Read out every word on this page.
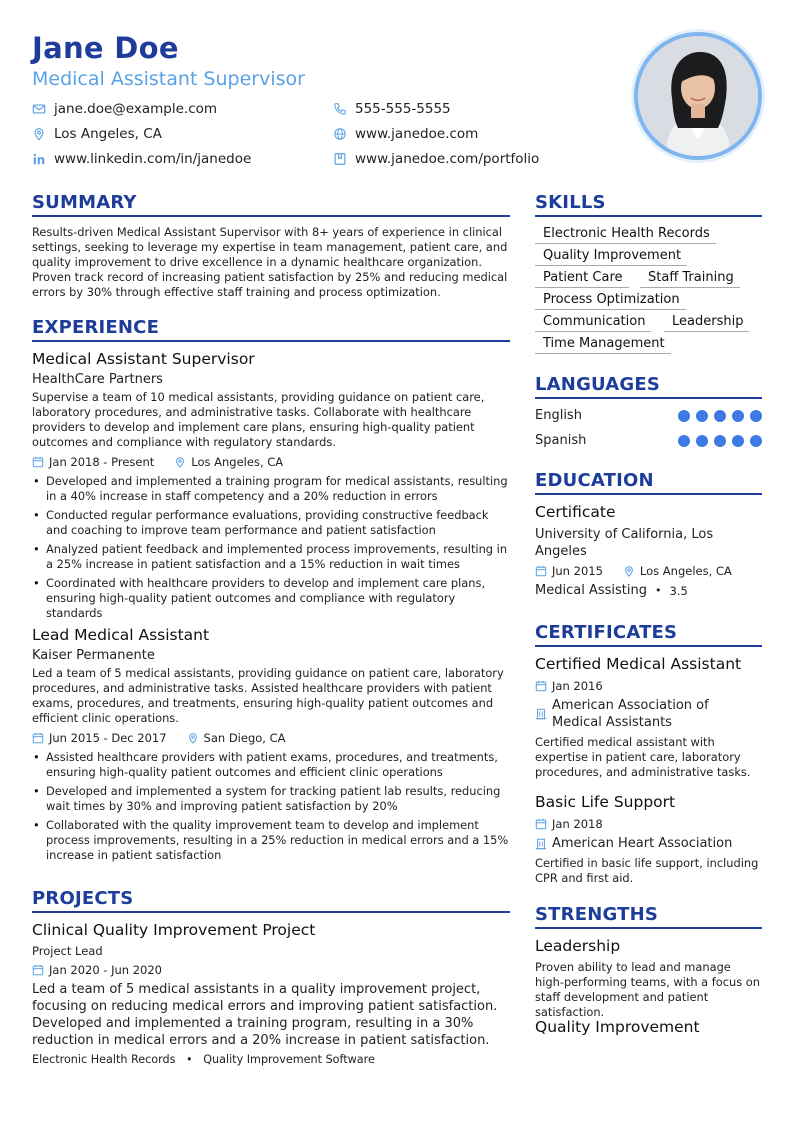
Jane Doe
Medical Assistant Supervisor
jane.doe@example.com	555-555-5555
Los Angeles, CA	www.janedoe.com
www.linkedin.com/in/janedoe	www.janedoe.com/portfolio
SUMMARY
Results-driven Medical Assistant Supervisor with 8+ years of experience in clinical settings, seeking to leverage my expertise in team management, patient care, and quality improvement to drive excellence in a dynamic healthcare organization. Proven track record of increasing patient satisfaction by 25% and reducing medical errors by 30% through effective staff training and process optimization.
EXPERIENCE
Medical Assistant Supervisor
HealthCare Partners
Supervise a team of 10 medical assistants, providing guidance on patient care, laboratory procedures, and administrative tasks. Collaborate with healthcare providers to develop and implement care plans, ensuring high-quality patient outcomes and compliance with regulatory standards.
Jan 2018 - Present	Los Angeles, CA
• Developed and implemented a training program for medical assistants, resulting in a 40% increase in staff competency and a 20% reduction in errors
• Conducted regular performance evaluations, providing constructive feedback and coaching to improve team performance and patient satisfaction
• Analyzed patient feedback and implemented process improvements, resulting in a 25% increase in patient satisfaction and a 15% reduction in wait times
• Coordinated with healthcare providers to develop and implement care plans, ensuring high-quality patient outcomes and compliance with regulatory standards
Lead Medical Assistant
Kaiser Permanente
Led a team of 5 medical assistants, providing guidance on patient care, laboratory procedures, and administrative tasks. Assisted healthcare providers with patient exams, procedures, and treatments, ensuring high-quality patient outcomes and efficient clinic operations.
Jun 2015 - Dec 2017	San Diego, CA
• Assisted healthcare providers with patient exams, procedures, and treatments, ensuring high-quality patient outcomes and efficient clinic operations
• Developed and implemented a system for tracking patient lab results, reducing wait times by 30% and improving patient satisfaction by 20%
• Collaborated with the quality improvement team to develop and implement process improvements, resulting in a 25% reduction in medical errors and a 15% increase in patient satisfaction
PROJECTS
Clinical Quality Improvement Project
Project Lead
Jan 2020 - Jun 2020
Led a team of 5 medical assistants in a quality improvement project, focusing on reducing medical errors and improving patient satisfaction. Developed and implemented a training program, resulting in a 30% reduction in medical errors and a 20% increase in patient satisfaction.
Electronic Health Records • Quality Improvement Software
SKILLS
Electronic Health Records
Quality Improvement
Patient Care	Staff Training
Process Optimization
Communication	Leadership
Time Management
LANGUAGES
English
Spanish
EDUCATION
Certificate
University of California, Los Angeles
Jun 2015	Los Angeles, CA
Medical Assisting • 3.5
CERTIFICATES
Certified Medical Assistant
Jan 2016
American Association of Medical Assistants
Certified medical assistant with expertise in patient care, laboratory procedures, and administrative tasks.
Basic Life Support
Jan 2018
American Heart Association
Certified in basic life support, including CPR and first aid.
STRENGTHS
Leadership
Proven ability to lead and manage high-performing teams, with a focus on staff development and patient satisfaction.
Quality Improvement
